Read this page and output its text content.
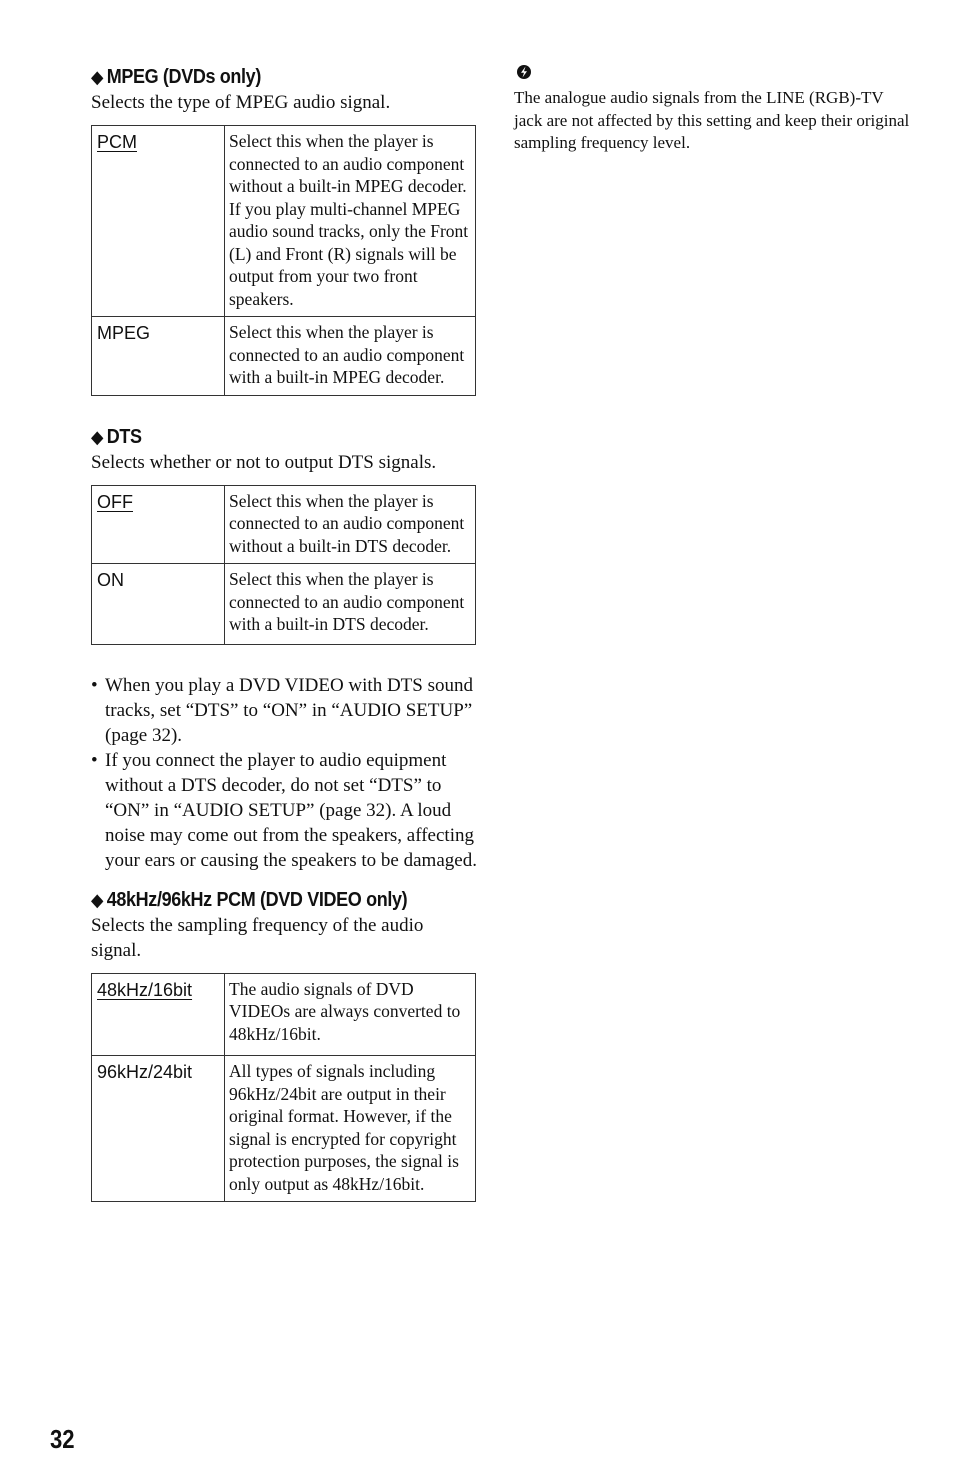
◆ MPEG (DVDs only)

Selects the type of MPEG audio signal.

PCM	Select this when the player is connected to an audio component without a built-in MPEG decoder. If you play multi-channel MPEG audio sound tracks, only the Front (L) and Front (R) signals will be output from your two front speakers.
MPEG	Select this when the player is connected to an audio component with a built-in MPEG decoder.
◆ DTS

Selects whether or not to output DTS signals.

OFF	Select this when the player is connected to an audio component without a built-in DTS decoder.
ON	Select this when the player is connected to an audio component with a built-in DTS decoder.
• When you play a DVD VIDEO with DTS sound tracks, set “DTS” to “ON” in “AUDIO SETUP” (page 32).
• If you connect the player to audio equipment without a DTS decoder, do not set “DTS” to “ON” in “AUDIO SETUP” (page 32). A loud noise may come out from the speakers, affecting your ears or causing the speakers to be damaged.
◆ 48kHz/96kHz PCM (DVD VIDEO only)

Selects the sampling frequency of the audio signal.

48kHz/16bit	The audio signals of DVD VIDEOs are always converted to 48kHz/16bit.
96kHz/24bit	All types of signals including 96kHz/24bit are output in their original format. However, if the signal is encrypted for copyright protection purposes, the signal is only output as 48kHz/16bit.

The analogue audio signals from the LINE (RGB)-TV jack are not affected by this setting and keep their original sampling frequency level.

32
